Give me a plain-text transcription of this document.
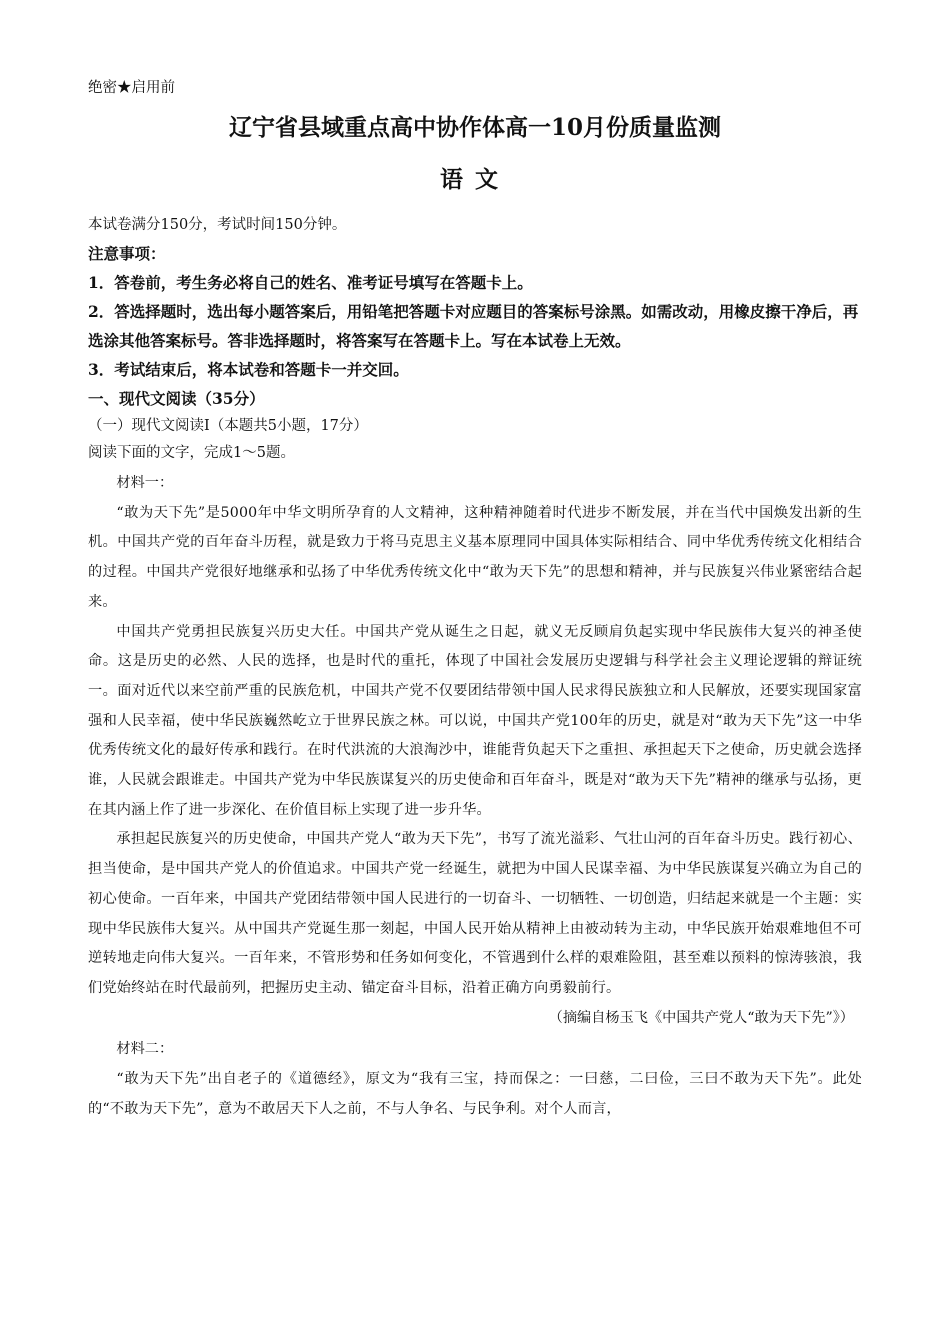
绝密★启用前

辽宁省县域重点高中协作体高一10月份质量监测
语文

本试卷满分150分，考试时间150分钟。

注意事项：

1．答卷前，考生务必将自己的姓名、准考证号填写在答题卡上。

2．答选择题时，选出每小题答案后，用铅笔把答题卡对应题目的答案标号涂黑。如需改动，用橡皮擦干净后，再选涂其他答案标号。答非选择题时，将答案写在答题卡上。写在本试卷上无效。

3．考试结束后，将本试卷和答题卡一并交回。

一、现代文阅读（35分）

（一）现代文阅读Ⅰ（本题共5小题，17分）

阅读下面的文字，完成1～5题。

材料一：

“敢为天下先”是5000年中华文明所孕育的人文精神，这种精神随着时代进步不断发展，并在当代中国焕发出新的生机。中国共产党的百年奋斗历程，就是致力于将马克思主义基本原理同中国具体实际相结合、同中华优秀传统文化相结合的过程。中国共产党很好地继承和弘扬了中华优秀传统文化中“敢为天下先”的思想和精神，并与民族复兴伟业紧密结合起来。

中国共产党勇担民族复兴历史大任。中国共产党从诞生之日起，就义无反顾肩负起实现中华民族伟大复兴的神圣使命。这是历史的必然、人民的选择，也是时代的重托，体现了中国社会发展历史逻辑与科学社会主义理论逻辑的辩证统一。面对近代以来空前严重的民族危机，中国共产党不仅要团结带领中国人民求得民族独立和人民解放，还要实现国家富强和人民幸福，使中华民族巍然屹立于世界民族之林。可以说，中国共产党100年的历史，就是对“敢为天下先”这一中华优秀传统文化的最好传承和践行。在时代洪流的大浪淘沙中，谁能背负起天下之重担、承担起天下之使命，历史就会选择谁，人民就会跟谁走。中国共产党为中华民族谋复兴的历史使命和百年奋斗，既是对“敢为天下先”精神的继承与弘扬，更在其内涵上作了进一步深化、在价值目标上实现了进一步升华。

承担起民族复兴的历史使命，中国共产党人“敢为天下先”，书写了流光溢彩、气壮山河的百年奋斗历史。践行初心、担当使命，是中国共产党人的价值追求。中国共产党一经诞生，就把为中国人民谋幸福、为中华民族谋复兴确立为自己的初心使命。一百年来，中国共产党团结带领中国人民进行的一切奋斗、一切牺牲、一切创造，归结起来就是一个主题：实现中华民族伟大复兴。从中国共产党诞生那一刻起，中国人民开始从精神上由被动转为主动，中华民族开始艰难地但不可逆转地走向伟大复兴。一百年来，不管形势和任务如何变化，不管遇到什么样的艰难险阻，甚至难以预料的惊涛骇浪，我们党始终站在时代最前列，把握历史主动、锚定奋斗目标，沿着正确方向勇毅前行。

（摘编自杨玉飞《中国共产党人“敢为天下先”》）

材料二：

“敢为天下先”出自老子的《道德经》，原文为“我有三宝，持而保之：一曰慈，二曰俭，三曰不敢为天下先”。此处的“不敢为天下先”，意为不敢居天下人之前，不与人争名、与民争利。对个人而言，
